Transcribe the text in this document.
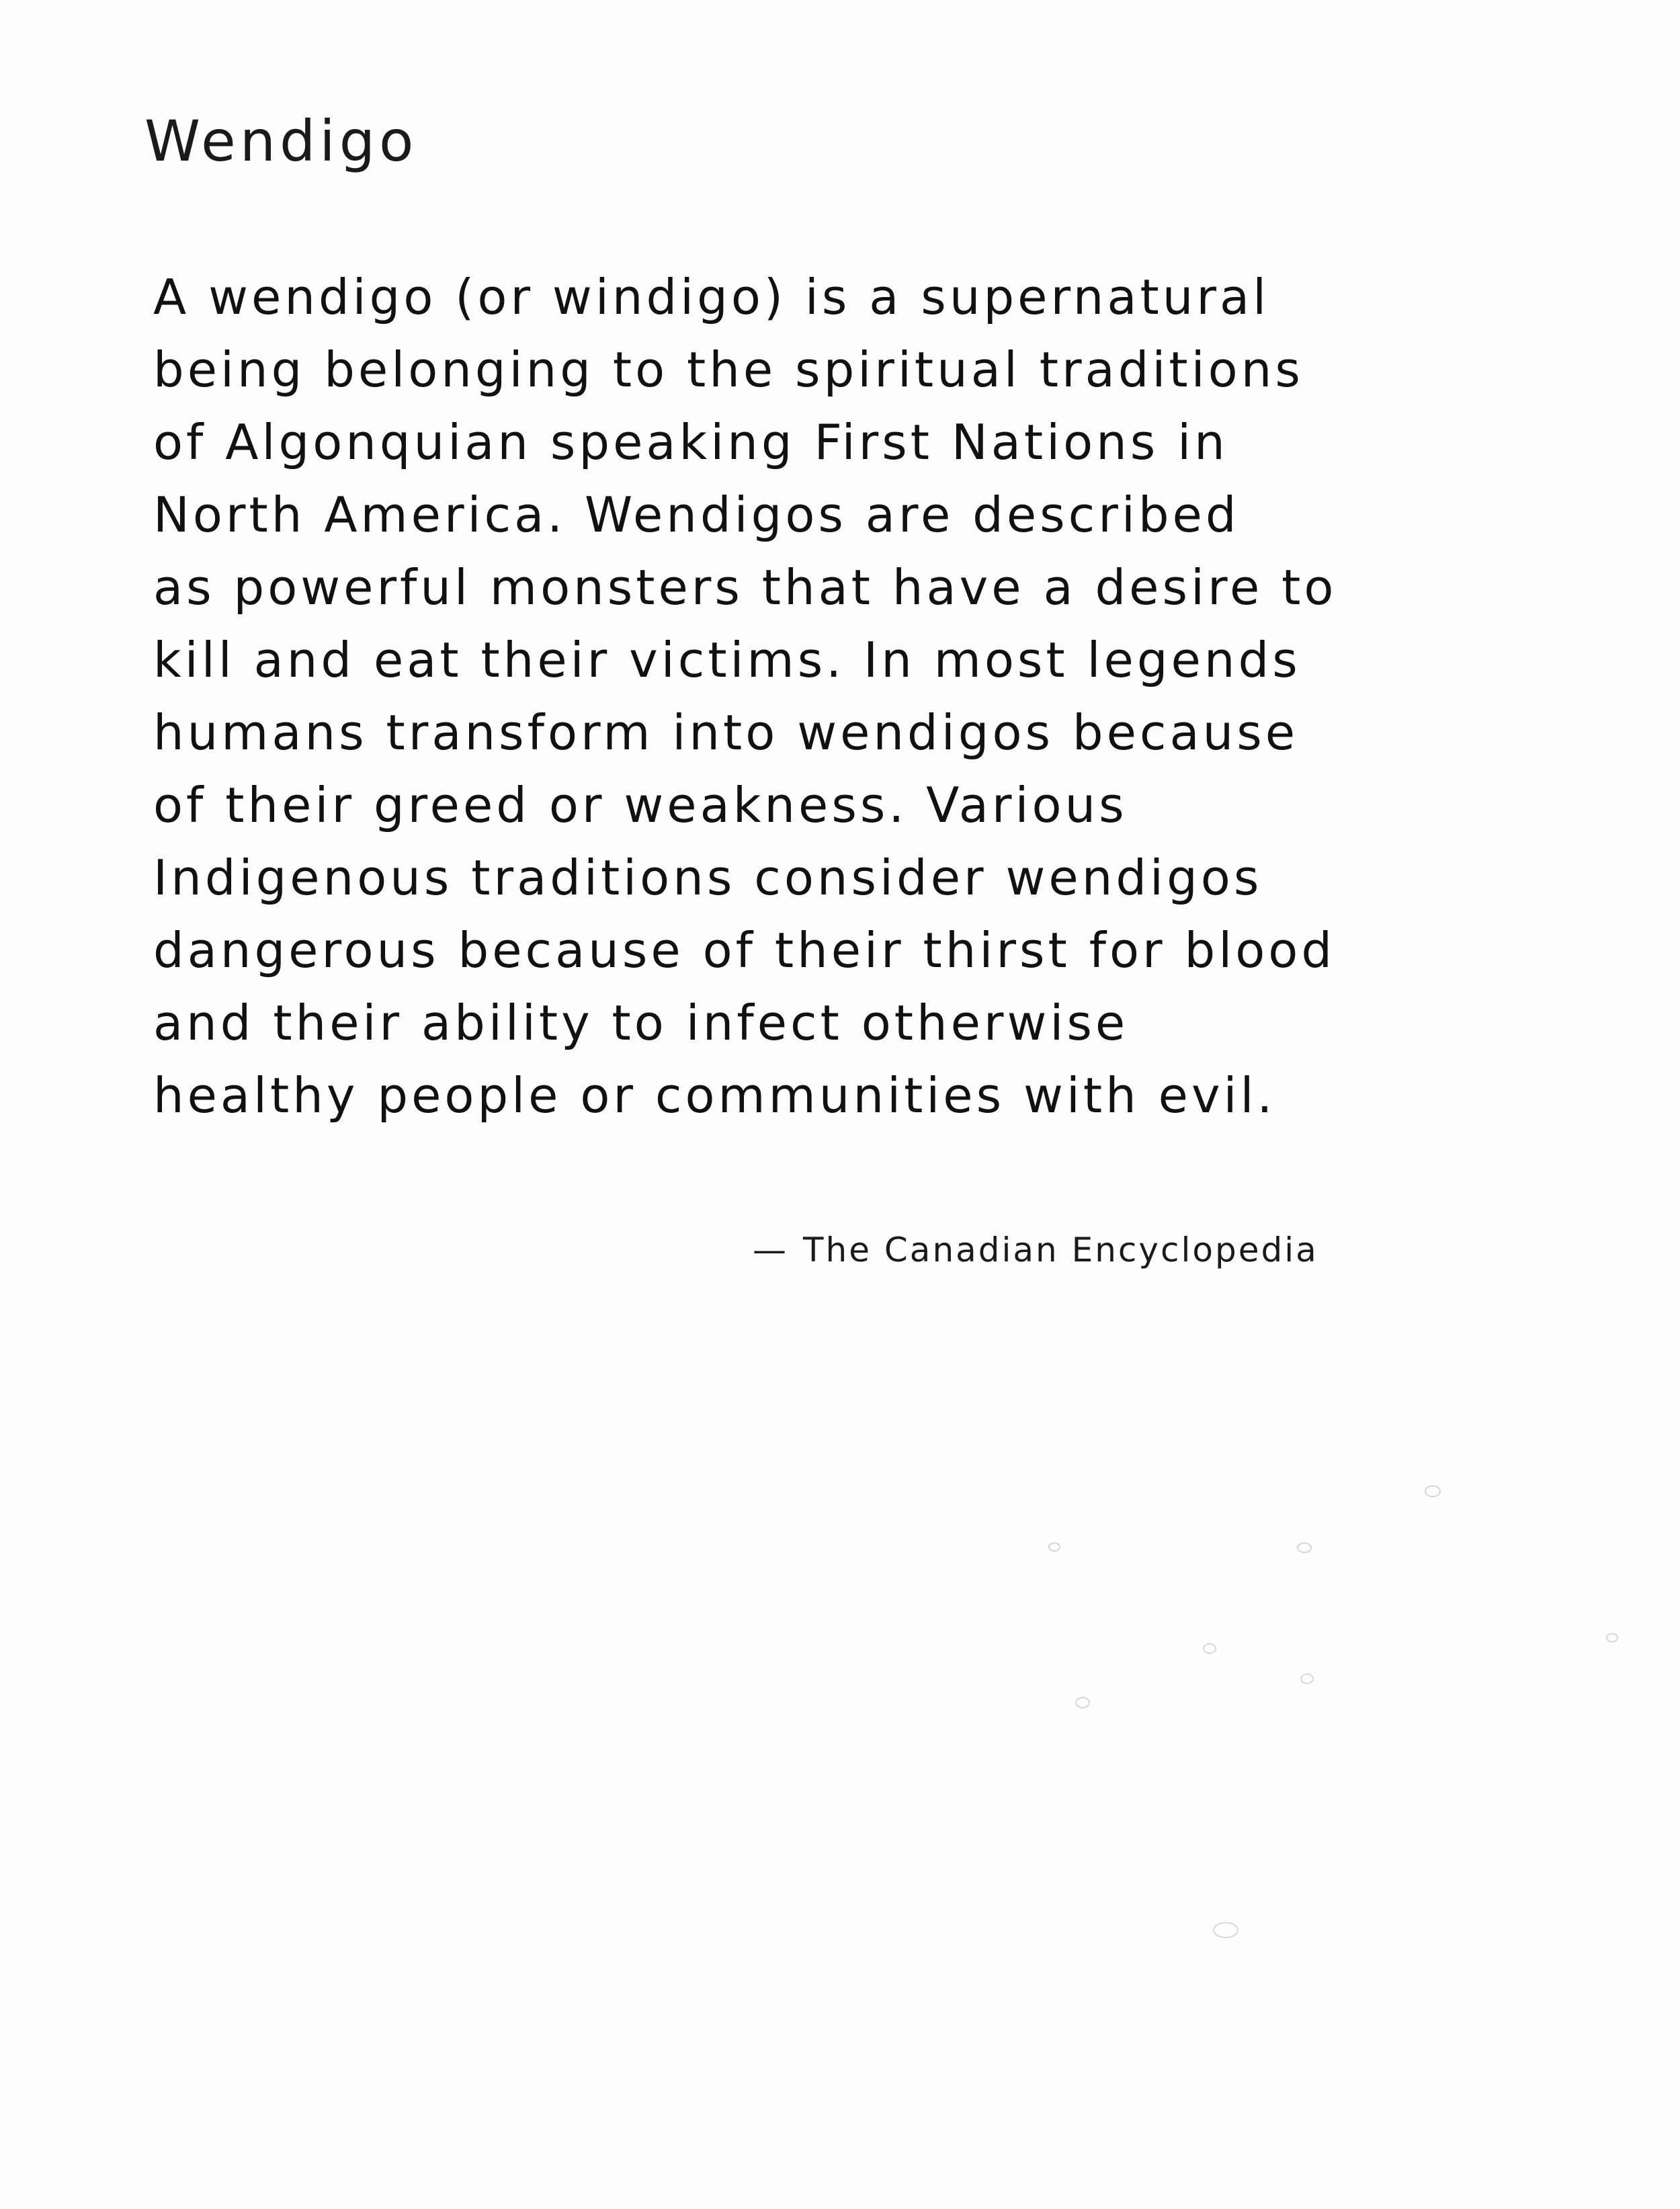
Wendigo
A wendigo (or windigo) is a supernatural
being belonging to the spiritual traditions
of Algonquian speaking First Nations in
North America. Wendigos are described
as powerful monsters that have a desire to
kill and eat their victims. In most legends
humans transform into wendigos because
of their greed or weakness. Various
Indigenous traditions consider wendigos
dangerous because of their thirst for blood
and their ability to infect otherwise
healthy people or communities with evil.
— The Canadian Encyclopedia
